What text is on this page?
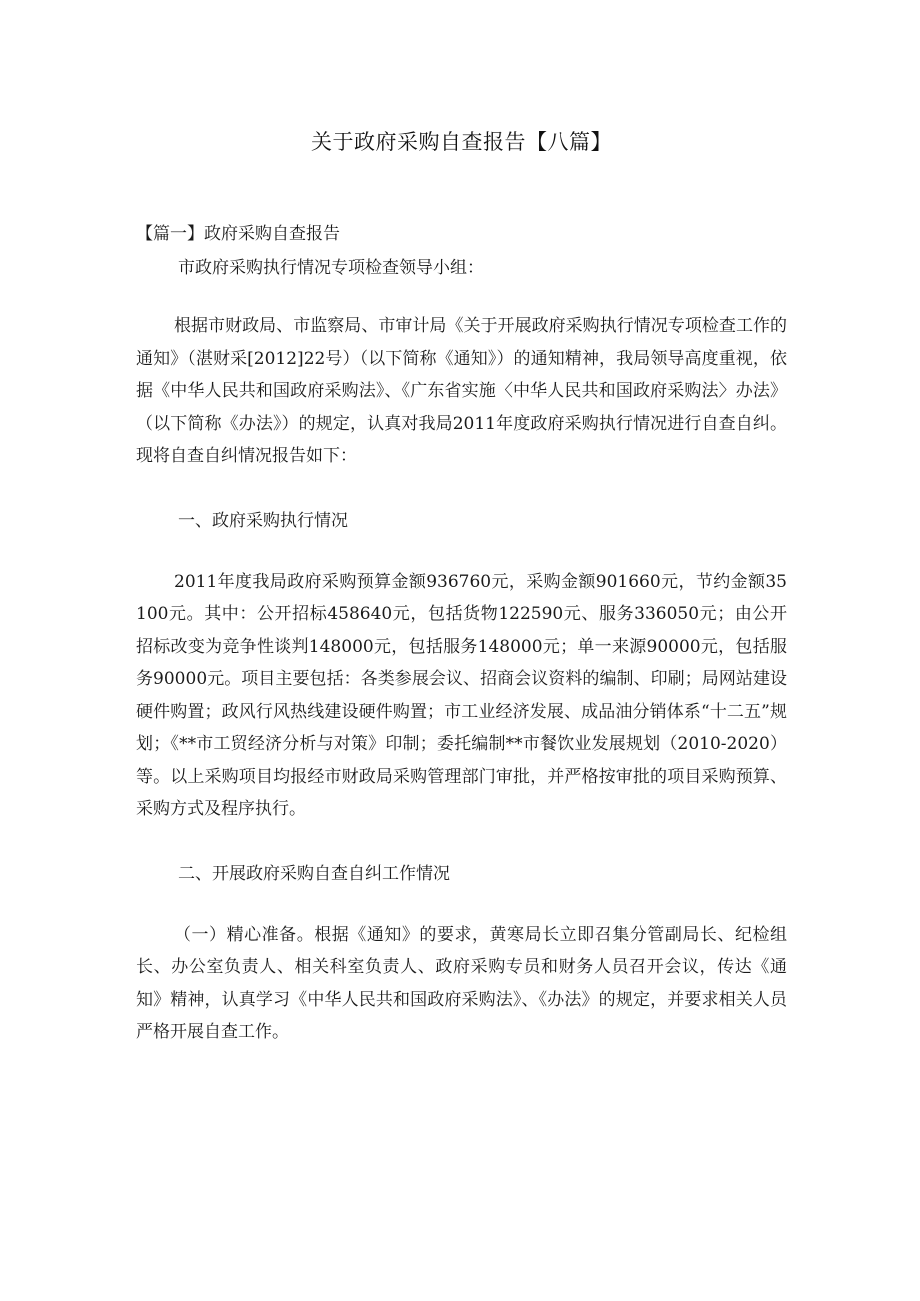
关于政府采购自查报告【八篇】
【篇一】政府采购自查报告

市政府采购执行情况专项检查领导小组：

根据市财政局、市监察局、市审计局《关于开展政府采购执行情况专项检查工作的通知》（湛财采[2012]22号）（以下简称《通知》）的通知精神，我局领导高度重视，依据《中华人民共和国政府采购法》、《广东省实施〈中华人民共和国政府采购法〉办法》（以下简称《办法》）的规定，认真对我局2011年度政府采购执行情况进行自查自纠。现将自查自纠情况报告如下：

一、政府采购执行情况

2011年度我局政府采购预算金额936760元，采购金额901660元，节约金额35100元。其中：公开招标458640元，包括货物122590元、服务336050元；由公开招标改变为竞争性谈判148000元，包括服务148000元；单一来源90000元，包括服务90000元。项目主要包括：各类参展会议、招商会议资料的编制、印刷；局网站建设硬件购置；政风行风热线建设硬件购置；市工业经济发展、成品油分销体系“十二五”规划；《**市工贸经济分析与对策》印制；委托编制**市餐饮业发展规划（2010-2020）等。以上采购项目均报经市财政局采购管理部门审批，并严格按审批的项目采购预算、采购方式及程序执行。

二、开展政府采购自查自纠工作情况

（一）精心准备。根据《通知》的要求，黄寒局长立即召集分管副局长、纪检组长、办公室负责人、相关科室负责人、政府采购专员和财务人员召开会议，传达《通知》精神，认真学习《中华人民共和国政府采购法》、《办法》的规定，并要求相关人员严格开展自查工作。
